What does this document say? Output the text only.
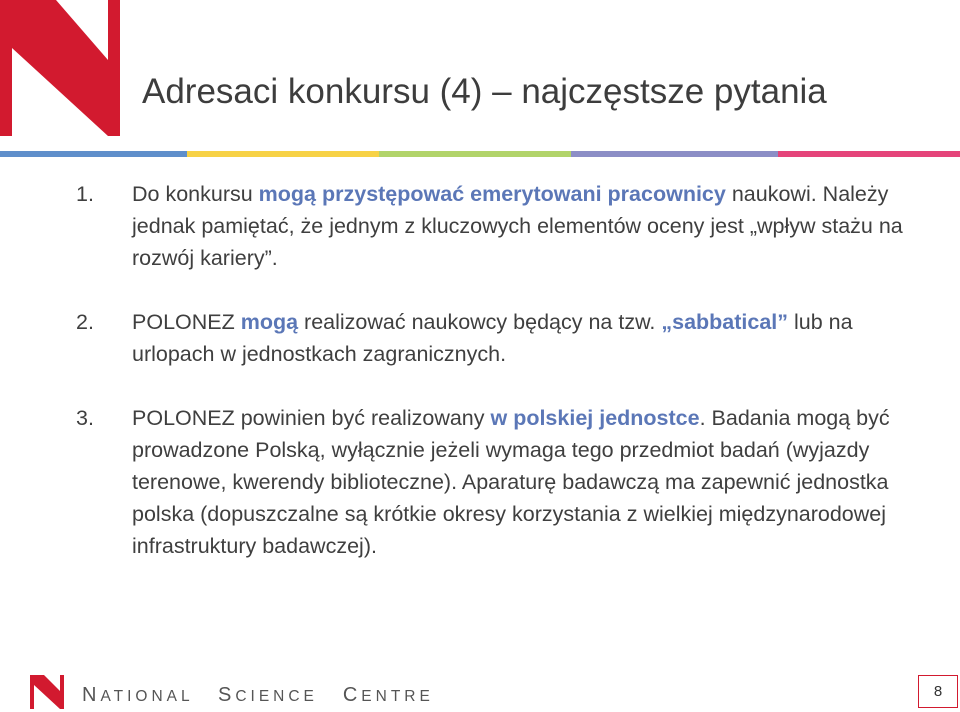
Adresaci konkursu (4) – najczęstsze pytania
1.	Do konkursu mogą przystępować emerytowani pracownicy naukowi. Należy jednak pamiętać, że jednym z kluczowych elementów oceny jest „wpływ stażu na rozwój kariery”.
2.	POLONEZ mogą realizować naukowcy będący na tzw. „sabbatical” lub na urlopach w jednostkach zagranicznych.
3.	POLONEZ powinien być realizowany w polskiej jednostce. Badania mogą być prowadzone Polską, wyłącznie jeżeli wymaga tego przedmiot badań (wyjazdy terenowe, kwerendy biblioteczne). Aparaturę badawczą ma zapewnić jednostka polska (dopuszczalne są krótkie okresy korzystania z wielkiej międzynarodowej infrastruktury badawczej).
NATIONAL SCIENCE CENTRE	8
